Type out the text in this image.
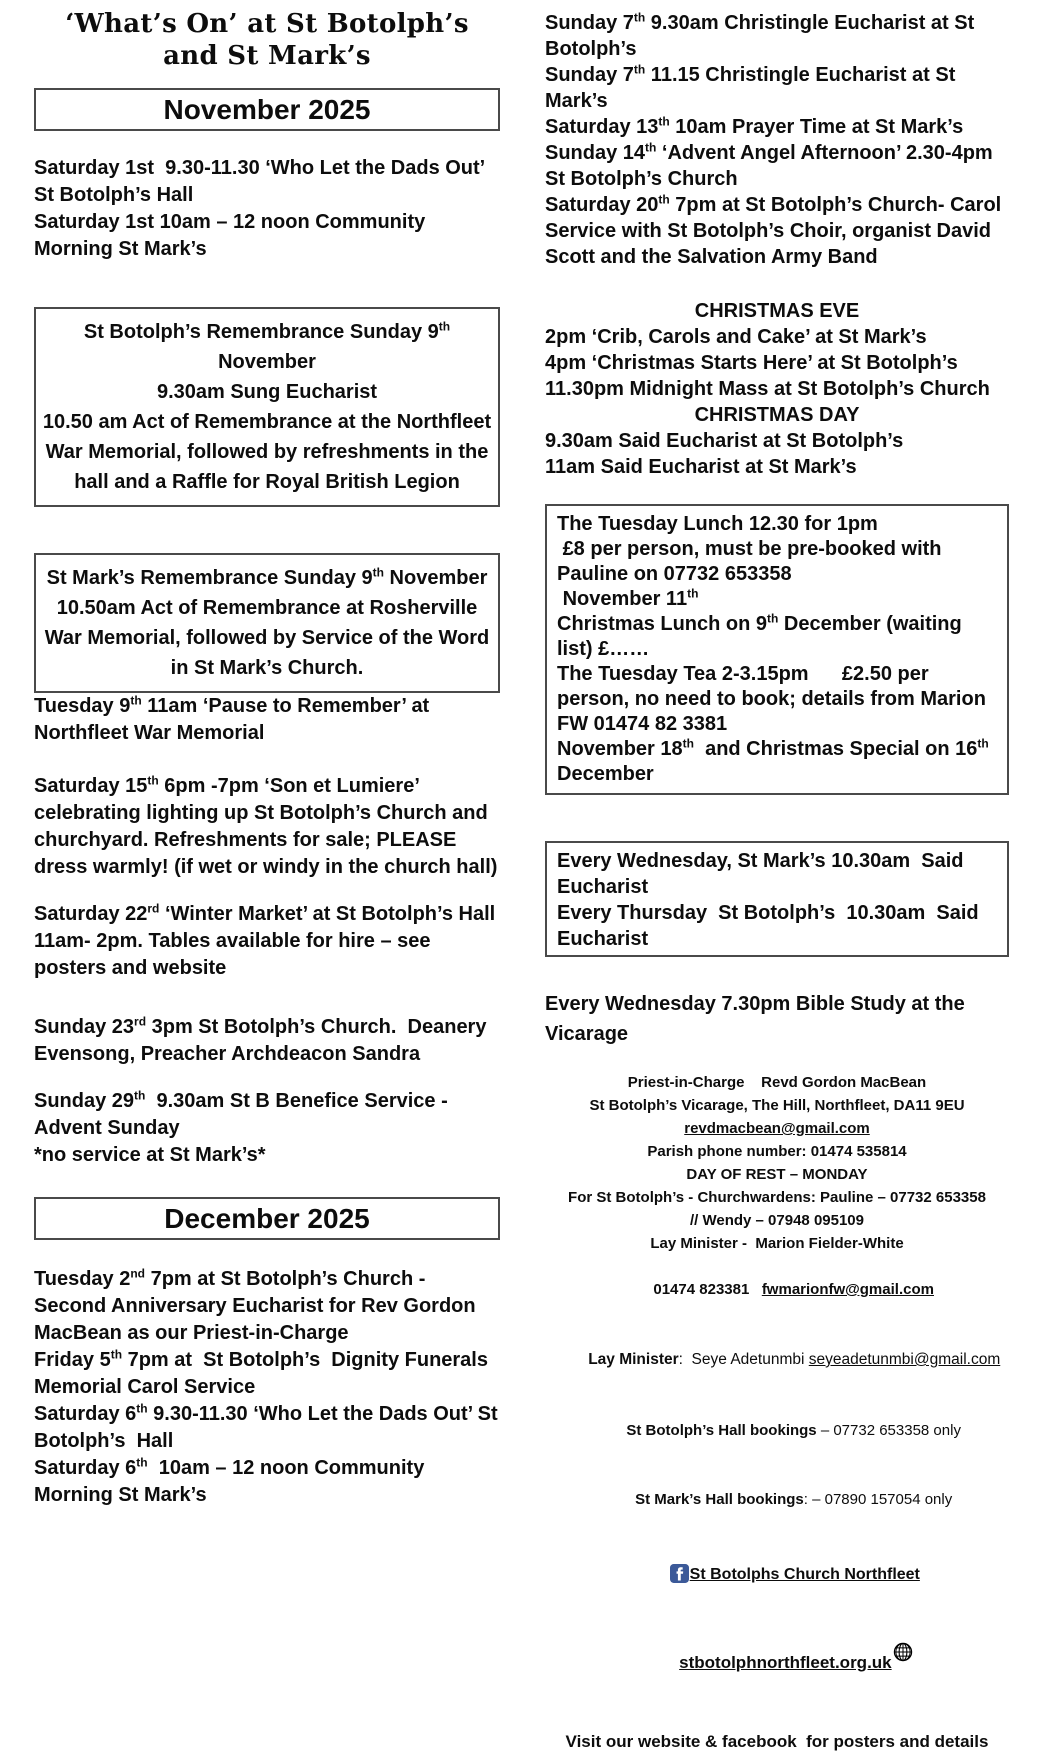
‘What’s On’ at St Botolph’s

and St Mark’s

November 2025

Saturday 1st  9.30-11.30 ‘Who Let the Dads Out’ St Botolph’s Hall

Saturday 1st 10am – 12 noon Community Morning St Mark’s

St Botolph’s Remembrance Sunday 9th November

9.30am Sung Eucharist

10.50 am Act of Remembrance at the Northfleet War Memorial, followed by refreshments in the hall and a Raffle for Royal British Legion

St Mark’s Remembrance Sunday 9th November

10.50am Act of Remembrance at Rosherville War Memorial, followed by Service of the Word in St Mark’s Church.

Tuesday 9th 11am ‘Pause to Remember’ at Northfleet War Memorial

Saturday 15th 6pm -7pm ‘Son et Lumiere’ celebrating lighting up St Botolph’s Church and churchyard. Refreshments for sale; PLEASE dress warmly! (if wet or windy in the church hall)

Saturday 22rd ‘Winter Market’ at St Botolph’s Hall 11am- 2pm. Tables available for hire – see posters and website

Sunday 23rd 3pm St Botolph’s Church.  Deanery Evensong, Preacher Archdeacon Sandra

Sunday 29th  9.30am St B Benefice Service - Advent Sunday

*no service at St Mark’s*

December 2025

Tuesday 2nd 7pm at St Botolph’s Church - Second Anniversary Eucharist for Rev Gordon MacBean as our Priest-in-Charge

Friday 5th 7pm at  St Botolph’s  Dignity Funerals Memorial Carol Service

Saturday 6th 9.30-11.30 ‘Who Let the Dads Out’ St Botolph’s  Hall

Saturday 6th  10am – 12 noon Community Morning St Mark’s

Sunday 7th 9.30am Christingle Eucharist at St Botolph’s

Sunday 7th 11.15 Christingle Eucharist at St Mark’s

Saturday 13th 10am Prayer Time at St Mark’s

Sunday 14th ‘Advent Angel Afternoon’ 2.30-4pm St Botolph’s Church

Saturday 20th 7pm at St Botolph’s Church- Carol Service with St Botolph’s Choir, organist David Scott and the Salvation Army Band

CHRISTMAS EVE

2pm ‘Crib, Carols and Cake’ at St Mark’s

4pm ‘Christmas Starts Here’ at St Botolph’s

11.30pm Midnight Mass at St Botolph’s Church

CHRISTMAS DAY

9.30am Said Eucharist at St Botolph’s

11am Said Eucharist at St Mark’s

The Tuesday Lunch 12.30 for 1pm

£8 per person, must be pre-booked with Pauline on 07732 653358

November 11th

Christmas Lunch on 9th December (waiting list) £……

The Tuesday Tea 2-3.15pm      £2.50 per person, no need to book; details from Marion FW 01474 82 3381

November 18th  and Christmas Special on 16th December

Every Wednesday, St Mark’s 10.30am  Said Eucharist

Every Thursday  St Botolph’s  10.30am  Said Eucharist

Every Wednesday 7.30pm Bible Study at the Vicarage

Priest-in-Charge    Revd Gordon MacBean

St Botolph’s Vicarage, The Hill, Northfleet, DA11 9EU

revdmacbean@gmail.com

Parish phone number: 01474 535814

DAY OF REST – MONDAY

For St Botolph’s - Churchwardens: Pauline – 07732 653358

// Wendy – 07948 095109

Lay Minister -  Marion Fielder-White

01474 823381   fwmarionfw@gmail.com

Lay Minister:  Seye Adetunmbi seyeadetunmbi@gmail.com

St Botolph’s Hall bookings – 07732 653358 only

St Mark’s Hall bookings: – 07890 157054 only

St Botolphs Church Northfleet

stbotolphnorthfleet.org.uk

Visit our website & facebook  for posters and details
